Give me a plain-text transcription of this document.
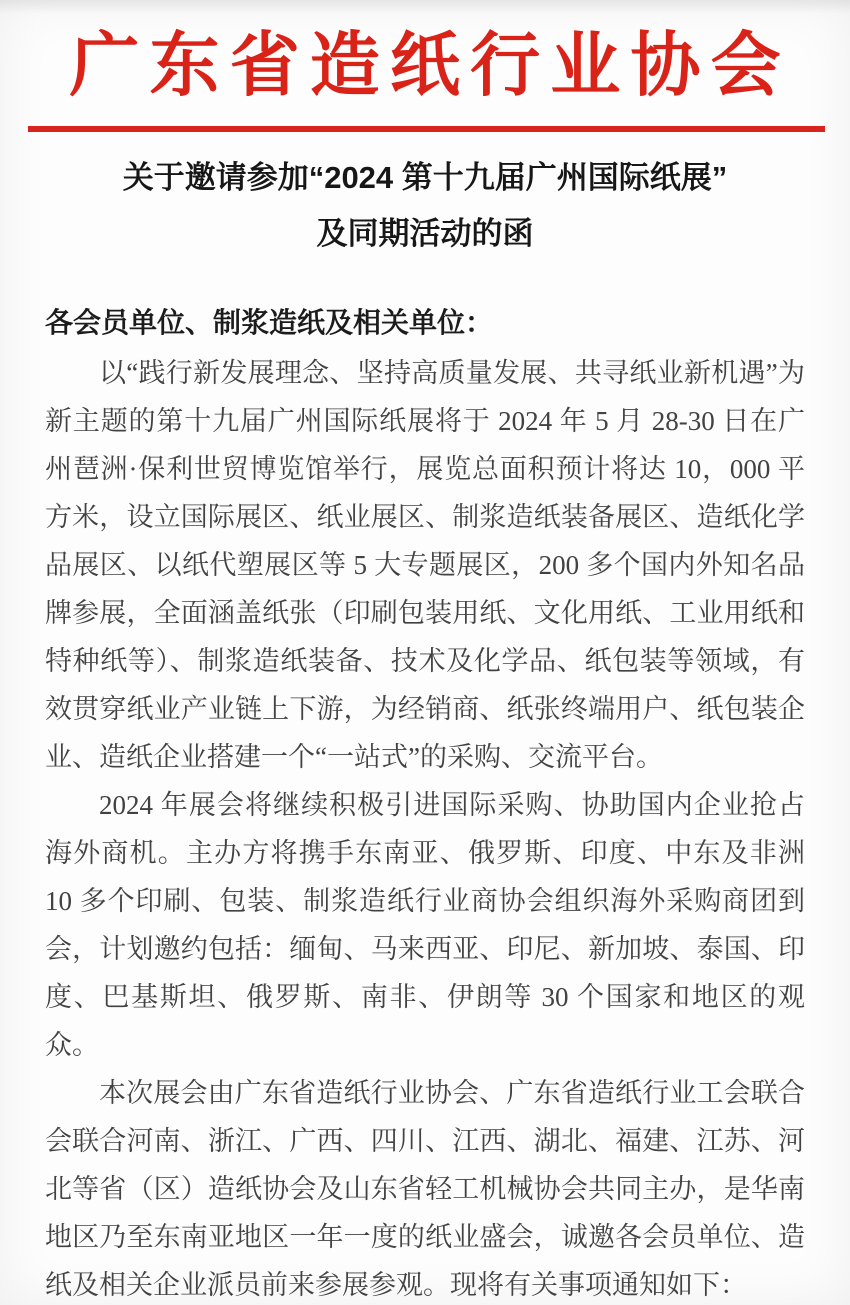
广东省造纸行业协会
关于邀请参加“2024 第十九届广州国际纸展”
及同期活动的函
各会员单位、制浆造纸及相关单位：

以“践行新发展理念、坚持高质量发展、共寻纸业新机遇”为新主题的第十九届广州国际纸展将于 2024 年 5 月 28-30 日在广州琶洲·保利世贸博览馆举行，展览总面积预计将达 10，000 平方米，设立国际展区、纸业展区、制浆造纸装备展区、造纸化学品展区、以纸代塑展区等 5 大专题展区，200 多个国内外知名品牌参展，全面涵盖纸张（印刷包装用纸、文化用纸、工业用纸和特种纸等）、制浆造纸装备、技术及化学品、纸包装等领域，有效贯穿纸业产业链上下游，为经销商、纸张终端用户、纸包装企业、造纸企业搭建一个“一站式”的采购、交流平台。

2024 年展会将继续积极引进国际采购、协助国内企业抢占海外商机。主办方将携手东南亚、俄罗斯、印度、中东及非洲 10 多个印刷、包装、制浆造纸行业商协会组织海外采购商团到会，计划邀约包括：缅甸、马来西亚、印尼、新加坡、泰国、印度、巴基斯坦、俄罗斯、南非、伊朗等 30 个国家和地区的观众。

本次展会由广东省造纸行业协会、广东省造纸行业工会联合会联合河南、浙江、广西、四川、江西、湖北、福建、江苏、河北等省（区）造纸协会及山东省轻工机械协会共同主办，是华南地区乃至东南亚地区一年一度的纸业盛会，诚邀各会员单位、造纸及相关企业派员前来参展参观。现将有关事项通知如下：
